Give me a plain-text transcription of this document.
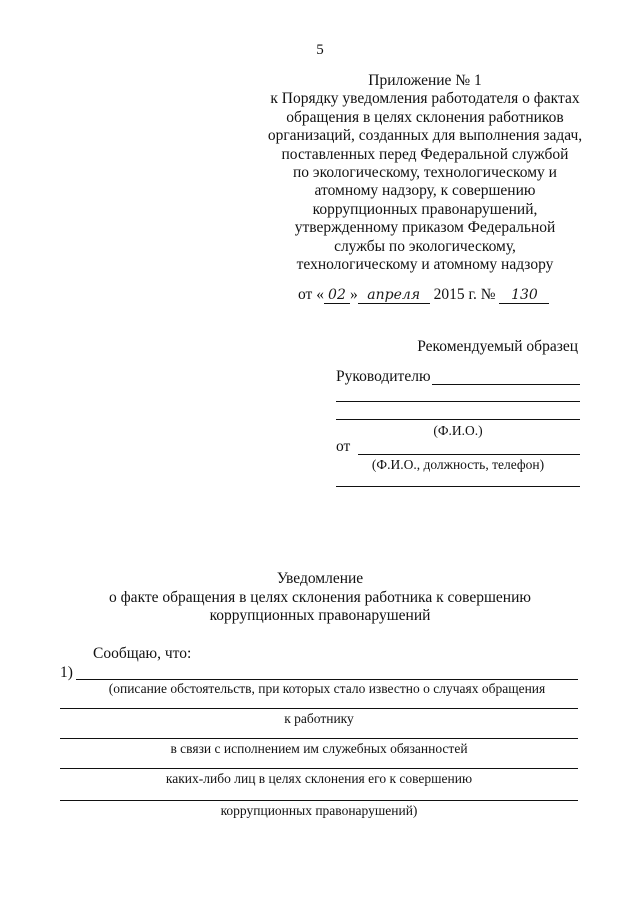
5
Приложение № 1
к Порядку уведомления работодателя о фактах
обращения в целях склонения работников
организаций, созданных для выполнения задач,
поставленных перед Федеральной службой
по экологическому, технологическому и
атомному надзору, к совершению
коррупционных правонарушений,
утвержденному приказом Федеральной
службы по экологическому,
технологическому и атомному надзору
от « 02 » апреля 2015 г. № 130
Рекомендуемый образец
Руководителю
(Ф.И.О.)
от
(Ф.И.О., должность, телефон)
Уведомление
о факте обращения в целях склонения работника к совершению
коррупционных правонарушений
Сообщаю, что:
1)
(описание обстоятельств, при которых стало известно о случаях обращения
к работнику
в связи с исполнением им служебных обязанностей
каких-либо лиц в целях склонения его к совершению
коррупционных правонарушений)
